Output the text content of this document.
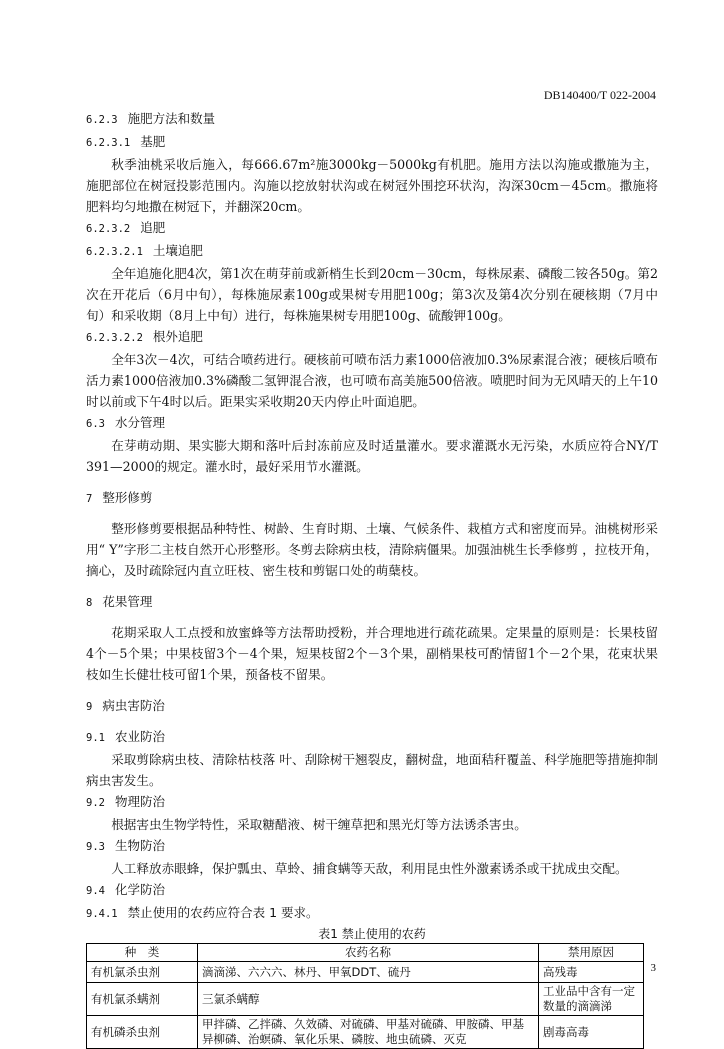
DB140400/T 022-2004

6.2.3 施肥方法和数量

6.2.3.1 基肥

秋季油桃采收后施入，每666.67m²施3000kg－5000kg有机肥。施用方法以沟施或撒施为主，施肥部位在树冠投影范围内。沟施以挖放射状沟或在树冠外围挖环状沟，沟深30cm－45cm。撒施将肥料均匀地撒在树冠下，并翻深20cm。

6.2.3.2 追肥

6.2.3.2.1 土壤追肥

全年追施化肥4次，第1次在萌芽前或新梢生长到20cm－30cm，每株尿素、磷酸二铵各50g。第2次在开花后（6月中旬），每株施尿素100g或果树专用肥100g；第3次及第4次分别在硬核期（7月中旬）和采收期（8月上中旬）进行，每株施果树专用肥100g、硫酸钾100g。

6.2.3.2.2 根外追肥

全年3次－4次，可结合喷药进行。硬核前可喷布活力素1000倍液加0.3%尿素混合液；硬核后喷布活力素1000倍液加0.3%磷酸二氢钾混合液，也可喷布高美施500倍液。喷肥时间为无风晴天的上午10时以前或下午4时以后。距果实采收期20天内停止叶面追肥。

6.3 水分管理

在芽萌动期、果实膨大期和落叶后封冻前应及时适量灌水。要求灌溉水无污染，水质应符合NY/T 391—2000的规定。灌水时，最好采用节水灌溉。

7 整形修剪

整形修剪要根据品种特性、树龄、生育时期、土壤、气候条件、栽植方式和密度而异。油桃树形采用“ Y”字形二主枝自然开心形整形。冬剪去除病虫枝，清除病僵果。加强油桃生长季修剪 ，拉枝开角，摘心，及时疏除冠内直立旺枝、密生枝和剪锯口处的萌蘖枝。

8 花果管理

花期采取人工点授和放蜜蜂等方法帮助授粉，并合理地进行疏花疏果。定果量的原则是：长果枝留4个－5个果；中果枝留3个－4个果，短果枝留2个－3个果，副梢果枝可酌情留1个－2个果，花束状果枝如生长健壮枝可留1个果，预备枝不留果。

9 病虫害防治

9.1 农业防治

采取剪除病虫枝、清除枯枝落 叶、刮除树干翘裂皮，翻树盘，地面秸秆覆盖、科学施肥等措施抑制病虫害发生。

9.2 物理防治

根据害虫生物学特性，采取糖醋液、树干缠草把和黑光灯等方法诱杀害虫。

9.3 生物防治

人工释放赤眼蜂，保护瓢虫、草蛉、捕食螨等天敌，利用昆虫性外激素诱杀或干扰成虫交配。

9.4 化学防治

9.4.1 禁止使用的农药应符合表 1 要求。

表1 禁止使用的农药
种　类	农药名称	禁用原因
有机氯杀虫剂	滴滴涕、六六六、林丹、甲氧DDT、硫丹	高残毒
有机氯杀螨剂	三氯杀螨醇	工业品中含有一定数量的滴滴涕
有机磷杀虫剂	甲拌磷、乙拌磷、久效磷、对硫磷、甲基对硫磷、甲胺磷、甲基异柳磷、治螟磷、氧化乐果、磷胺、地虫硫磷、灭克	剧毒高毒
3
